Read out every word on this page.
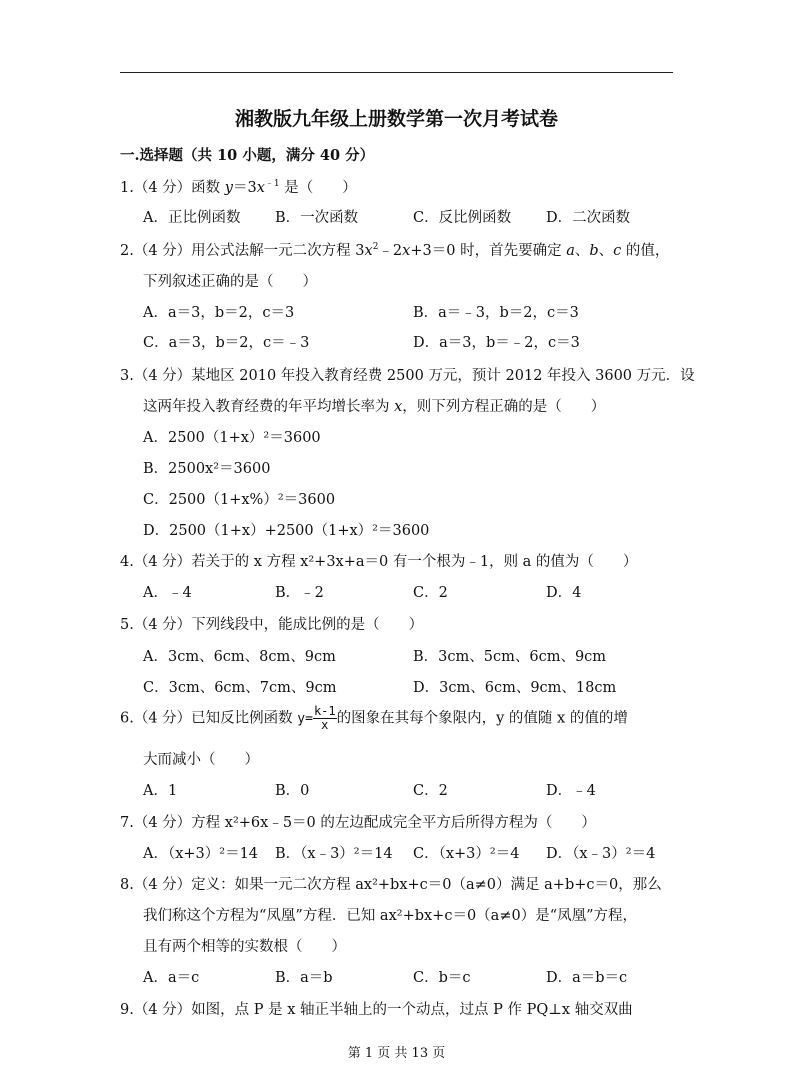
湘教版九年级上册数学第一次月考试卷
一.选择题（共 10 小题，满分 40 分）
1.（4 分）函数 $y=3x^{﹣1}$ 是（　　）
A．正比例函数 B．一次函数	C．反比例函数 D．二次函数
2.（4 分）用公式法解一元二次方程 $3x^2﹣2x+3=0$ 时，首先要确定 a、b、c 的值，
下列叙述正确的是（　　）
A．a＝3，b＝2，c＝3	B．a＝﹣3，b＝2，c＝3
C．a＝3，b＝2，c＝﹣3	D．a＝3，b＝﹣2，c＝3
3.（4 分）某地区 2010 年投入教育经费 2500 万元，预计 2012 年投入 3600 万元．设
这两年投入教育经费的年平均增长率为 x，则下列方程正确的是（　　）
A．2500（1+x）²＝3600
B．2500x²＝3600
C．2500（1+x%）²＝3600
D．2500（1+x）+2500（1+x）²＝3600
4.（4 分）若关于的 x 方程 x²+3x+a＝0 有一个根为﹣1，则 a 的值为（　　）
A．﹣4	B．﹣2	C．2	D．4
5.（4 分）下列线段中，能成比例的是（　　）
A．3cm、6cm、8cm、9cm	B．3cm、5cm、6cm、9cm
C．3cm、6cm、7cm、9cm	D．3cm、6cm、9cm、18cm
6.（4 分）已知反比例函数 $y= \frac{k-1}{x}$ 的图象在其每个象限内，y 的值随 x 的值的增
大而减小（　　）
A．1	B．0	C．2	D．﹣4
7.（4 分）方程 x²+6x﹣5＝0 的左边配成完全平方后所得方程为（　　）
A．（x+3）²＝14 B．（x﹣3）²＝14 C．（x+3）²＝4 D．（x﹣3）²＝4
8.（4 分）定义：如果一元二次方程 ax²+bx+c＝0（a≠0）满足 a+b+c＝0，那么
我们称这个方程为“凤凰”方程．已知 ax²+bx+c＝0（a≠0）是“凤凰”方程，
且有两个相等的实数根（　　）
A．a＝c	B．a＝b	C．b＝c	D．a＝b＝c
9.（4 分）如图，点 P 是 x 轴正半轴上的一个动点，过点 P 作 PQ⊥x 轴交双曲
第 1 页 共 13 页
